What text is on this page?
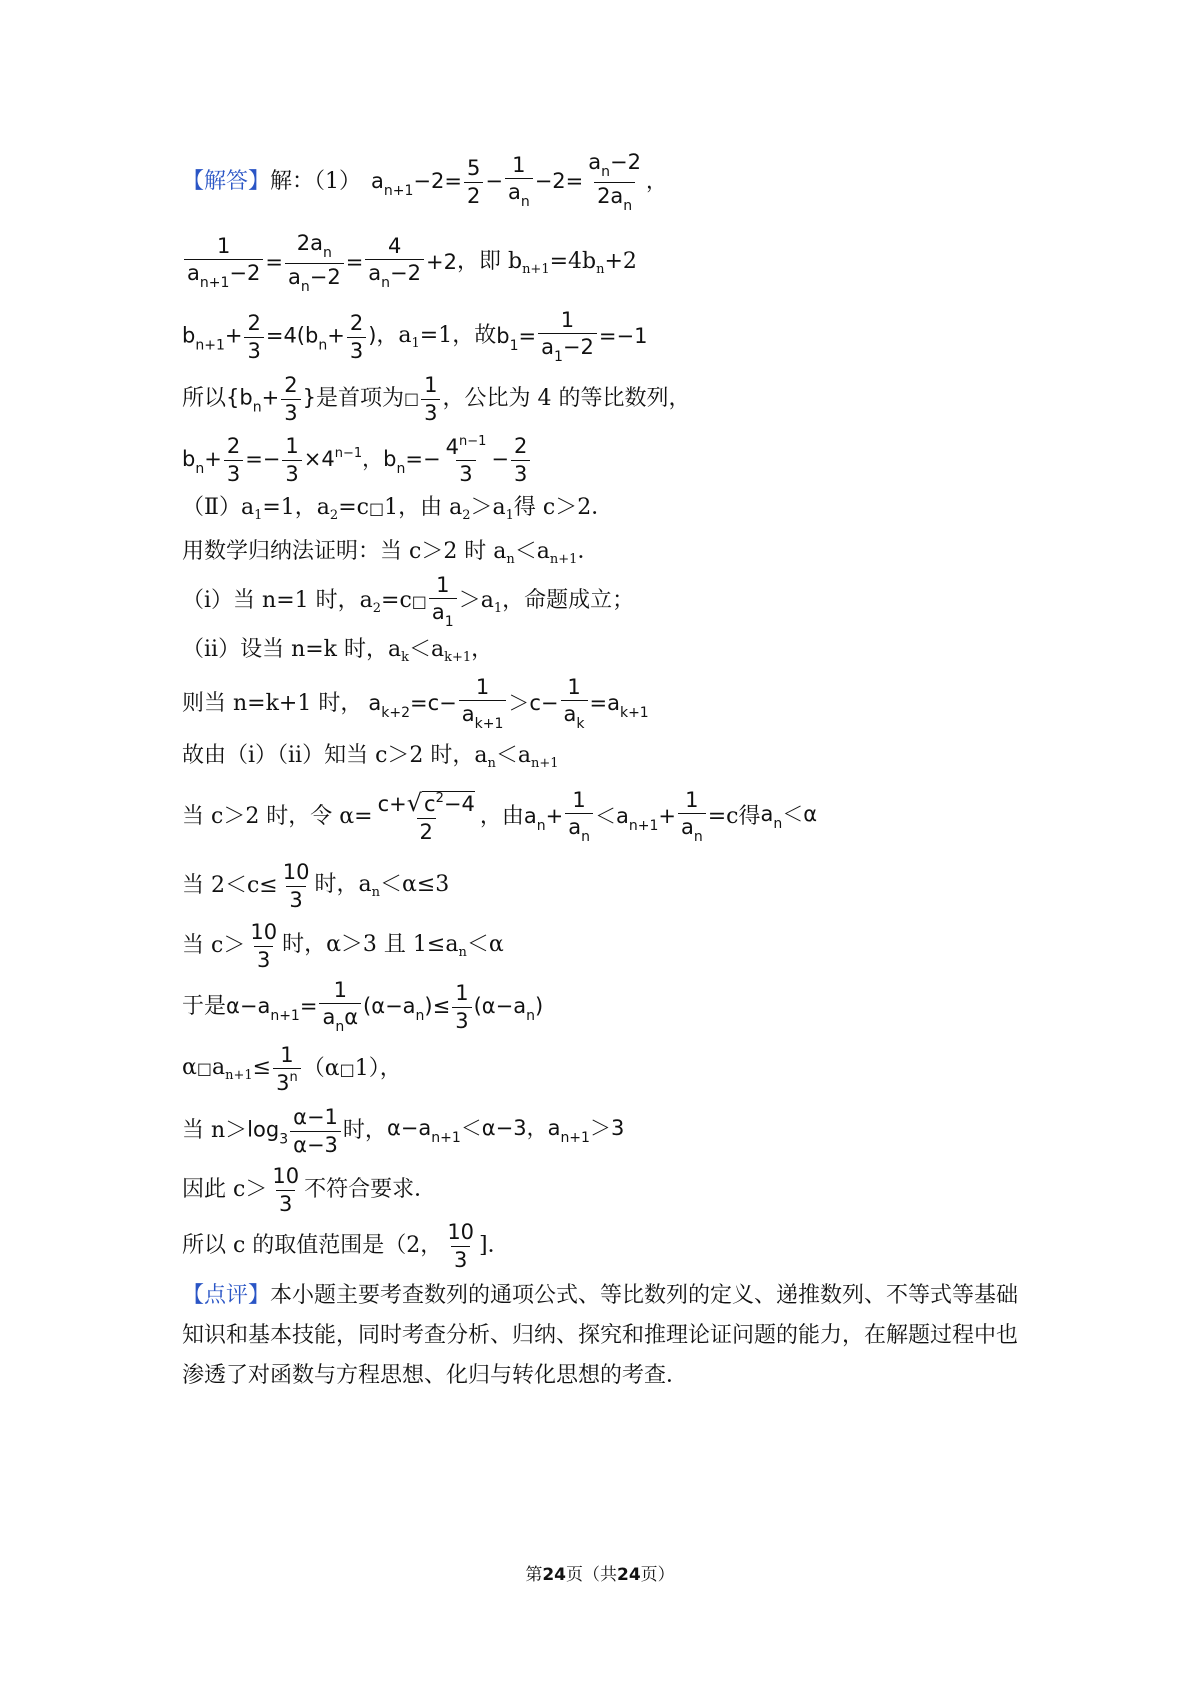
【解答】 解：（1） $a_{n+1}-2= \frac{5}{2} - \frac{1}{a_n} -2= \frac{a_n-2}{2a_n}$ ，
$\frac{1}{a_{n+1}-2} = \frac{2a_n}{a_n-2} = \frac{4}{a_n-2} +2$ ，即 $b_{n+1}=4b_n+2$
$b_{n+1}+ \frac{2}{3} =4(b_n+ \frac{2}{3}$ ) ，$a_1=1$，故 $b_1= \frac{1}{a_1-2} =-1$
所以 {$b_n+ \frac{2}{3}$ } 是首项为 □
1
3
，公比为 4 的等比数列，
$b_n+ \frac{2}{3} =- \frac{1}{3} \times 4^{n-1}$，$b_n=- \frac{4^{n-1}}{3} - \frac{2}{3}$
$(Ⅱ)a_1=1$，$a_2=c□1$，由 $a_2>a_1$得 c＞2．
用数学归纳法证明：当 c＞2 时 $a_n<a_{n+1}$．
（ⅰ）当 n=1 时，$a_2=c□$
1
$a_1$
$>a_1$，命题成立；
（ⅱ）设当 n=k 时，$a_k<a_{k+1}$，
则当 n=k+1 时， $a_{k+2}=c- \frac{1}{a_{k+1}} >c- \frac{1}{a_k} =a_{k+1}$
故由（ⅰ）（ⅱ）知当 c＞2 时，$a_n<a_{n+1}$
当 c＞2 时，令 $\alpha= \frac{c+√c^2-4}{2}$ ，由 $a_n+ \frac{1}{a_n} <a_{n+1}+ \frac{1}{a_n} =c$得 $a_n<\alpha$
当 $2<c\le \frac{10}{3}$ 时，$a_n<\alpha\le 3$
当 c＞
10
3
时，α＞3 且 $1\le a_n<\alpha$
于是 $\alpha-a_{n+1}=$
1
$a_n\alpha$ $(\alpha-a_n)\le \frac{1}{3} (\alpha-a_n)$
$\alpha□a_{n+1}\le \frac{1}{3^n}$ （α□1），
当 $n> \log_3 \frac{\alpha-1}{\alpha-3}$ 时， $\alpha-a_{n+1}<\alpha-3$，$a_{n+1}>3$
因此 c＞
10
3
不符合要求．
所以 c 的取值范围是（2，
10
3
]．
【点评】 本小题主要考查数列的通项公式、等比数列的定义、递推数列、不等式等基础知识和基本技能，同时考查分析、归纳、探究和推理论证问题的能力，在解题过程中也渗透了对函数与方程思想、化归与转化思想的考查．
第24页（共24页）
